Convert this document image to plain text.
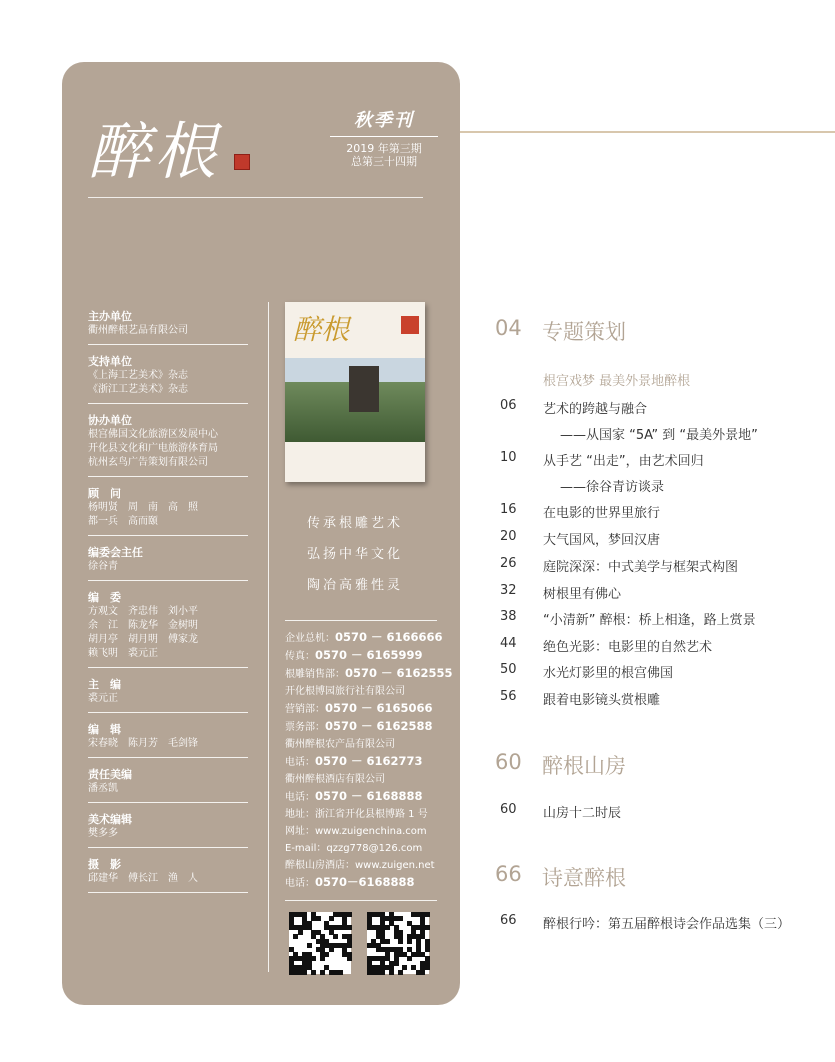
醉根	秋季刊
2019 年第三期
总第三十四期
主办单位
衢州醉根艺品有限公司
支持单位
《上海工艺美术》杂志
《浙江工艺美术》杂志
协办单位
根宫佛国文化旅游区发展中心
开化县文化和广电旅游体育局
杭州玄鸟广告策划有限公司
顾　问
杨明贤　周　南　高　照
都一兵　高而颐
编委会主任
徐谷青
编　委
方观文　齐忠伟　刘小平
余　江　陈龙华　金树明
胡月亭　胡月明　傅家龙
赖飞明　裘元正
主　编
裘元正
编　辑
宋春晓　陈月芳　毛剑锋
责任美编
潘丞凯
美术编辑
樊多多
摄　影
邱建华　傅长江　渔　人
醉根
传承根雕艺术
弘扬中华文化
陶冶高雅性灵
企业总机：0570 － 6166666
传真：0570 － 6165999
根雕销售部：0570 － 6162555
开化根博园旅行社有限公司
营销部：0570 － 6165066
票务部：0570 － 6162588
衢州醉根农产品有限公司
电话：0570 － 6162773
衢州醉根酒店有限公司
电话：0570 － 6168888
地址：浙江省开化县根博路 1 号
网址：www.zuigenchina.com
E-mail：qzzg778@126.com
醉根山房酒店：www.zuigen.net
电话：0570－6168888
04 专题策划
根宫戏梦 最美外景地醉根
06 艺术的跨越与融合
——从国家 “5A” 到 “最美外景地”
10 从手艺 “出走”，由艺术回归
——徐谷青访谈录
16 在电影的世界里旅行
20 大气国风，梦回汉唐
26 庭院深深：中式美学与框架式构图
32 树根里有佛心
38 “小清新” 醉根：桥上相逢，路上赏景
44 绝色光影：电影里的自然艺术
50 水光灯影里的根宫佛国
56 跟着电影镜头赏根雕
60 醉根山房
60 山房十二时辰
66 诗意醉根
66 醉根行吟：第五届醉根诗会作品选集（三）
